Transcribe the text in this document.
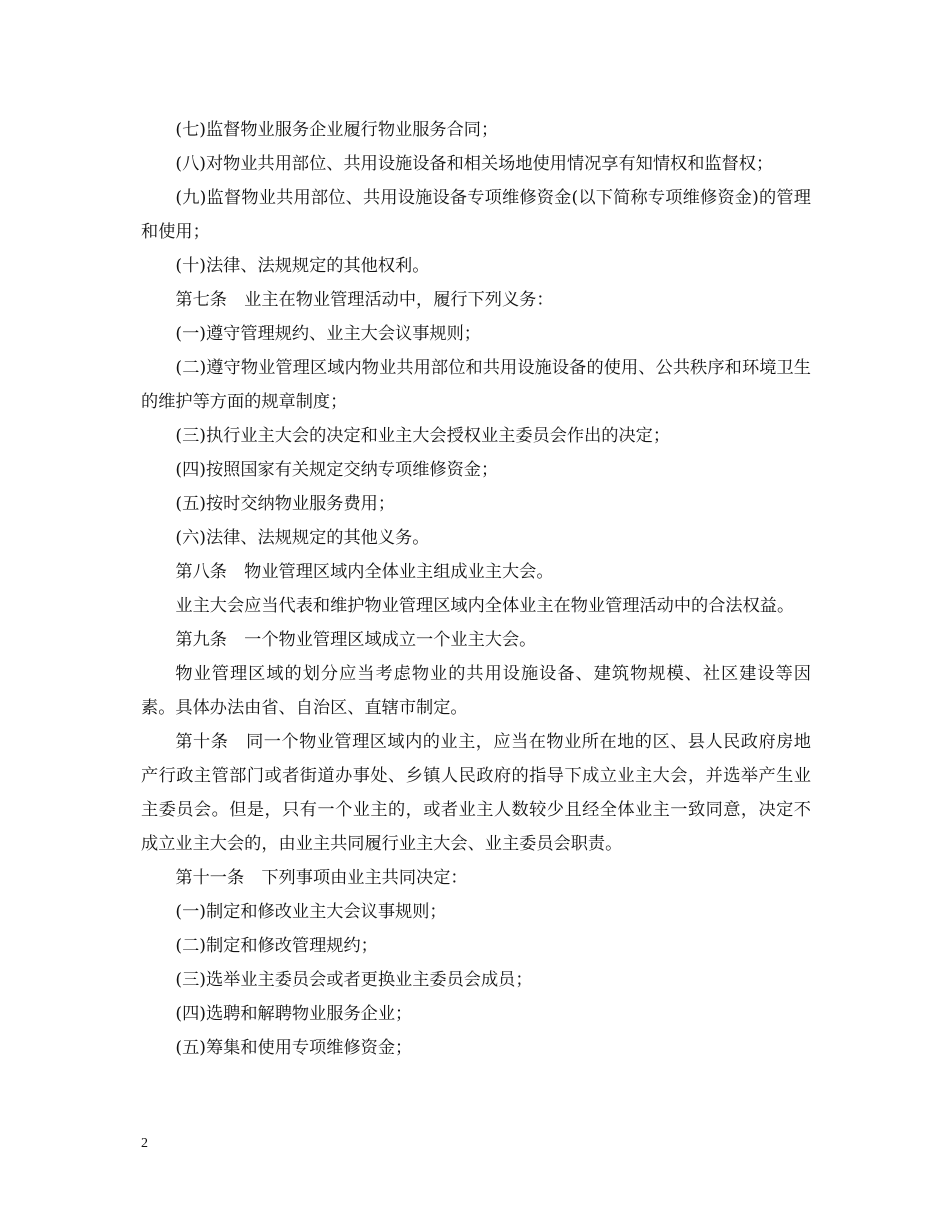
(七)监督物业服务企业履行物业服务合同；

(八)对物业共用部位、共用设施设备和相关场地使用情况享有知情权和监督权；

(九)监督物业共用部位、共用设施设备专项维修资金(以下简称专项维修资金)的管理和使用；

(十)法律、法规规定的其他权利。

第七条　业主在物业管理活动中，履行下列义务：

(一)遵守管理规约、业主大会议事规则；

(二)遵守物业管理区域内物业共用部位和共用设施设备的使用、公共秩序和环境卫生的维护等方面的规章制度；

(三)执行业主大会的决定和业主大会授权业主委员会作出的决定；

(四)按照国家有关规定交纳专项维修资金；

(五)按时交纳物业服务费用；

(六)法律、法规规定的其他义务。

第八条　物业管理区域内全体业主组成业主大会。

业主大会应当代表和维护物业管理区域内全体业主在物业管理活动中的合法权益。

第九条　一个物业管理区域成立一个业主大会。

物业管理区域的划分应当考虑物业的共用设施设备、建筑物规模、社区建设等因素。具体办法由省、自治区、直辖市制定。

第十条　同一个物业管理区域内的业主，应当在物业所在地的区、县人民政府房地产行政主管部门或者街道办事处、乡镇人民政府的指导下成立业主大会，并选举产生业主委员会。但是，只有一个业主的，或者业主人数较少且经全体业主一致同意，决定不成立业主大会的，由业主共同履行业主大会、业主委员会职责。

第十一条　下列事项由业主共同决定：

(一)制定和修改业主大会议事规则；

(二)制定和修改管理规约；

(三)选举业主委员会或者更换业主委员会成员；

(四)选聘和解聘物业服务企业；

(五)筹集和使用专项维修资金；

2
